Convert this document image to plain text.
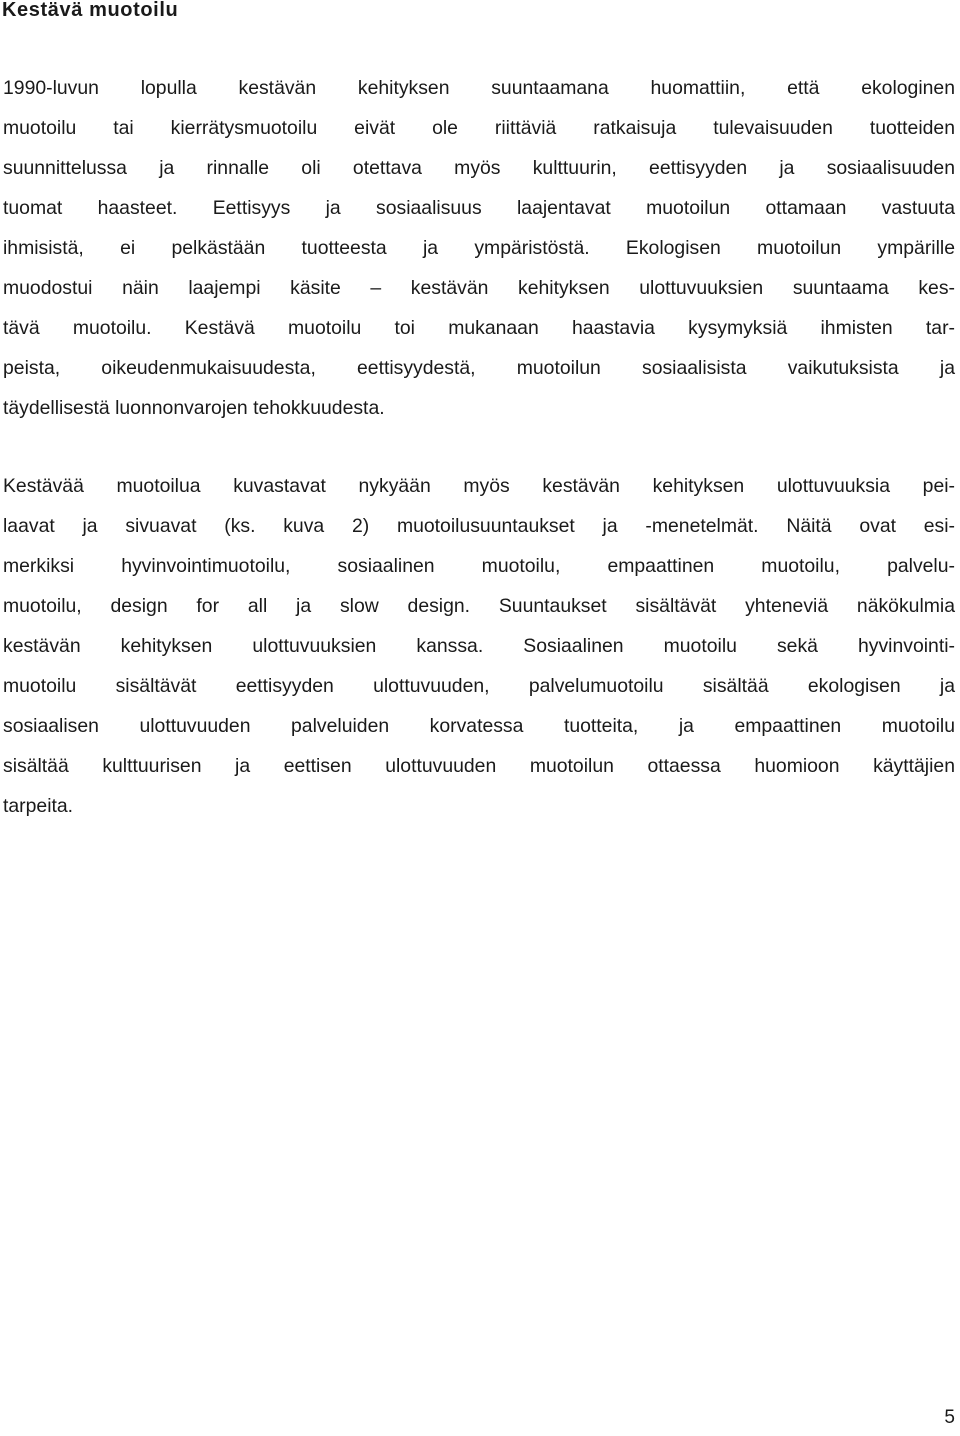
Kestävä muotoilu
1990-luvun lopulla kestävän kehityksen suuntaamana huomattiin, että ekologinen
muotoilu tai kierrätysmuotoilu eivät ole riittäviä ratkaisuja tulevaisuuden tuotteiden
suunnittelussa ja rinnalle oli otettava myös kulttuurin, eettisyyden ja sosiaalisuuden
tuomat haasteet. Eettisyys ja sosiaalisuus laajentavat muotoilun ottamaan vastuuta
ihmisistä, ei pelkästään tuotteesta ja ympäristöstä. Ekologisen muotoilun ympärille
muodostui näin laajempi käsite – kestävän kehityksen ulottuvuuksien suuntaama kes-
tävä muotoilu. Kestävä muotoilu toi mukanaan haastavia kysymyksiä ihmisten tar-
peista, oikeudenmukaisuudesta, eettisyydestä, muotoilun sosiaalisista vaikutuksista ja
täydellisestä luonnonvarojen tehokkuudesta.
Kestävää muotoilua kuvastavat nykyään myös kestävän kehityksen ulottuvuuksia pei-
laavat ja sivuavat (ks. kuva 2) muotoilusuuntaukset ja -menetelmät. Näitä ovat esi-
merkiksi hyvinvointimuotoilu, sosiaalinen muotoilu, empaattinen muotoilu, palvelu-
muotoilu, design for all ja slow design. Suuntaukset sisältävät yhteneviä näkökulmia
kestävän kehityksen ulottuvuuksien kanssa. Sosiaalinen muotoilu sekä hyvinvointi-
muotoilu sisältävät eettisyyden ulottuvuuden, palvelumuotoilu sisältää ekologisen ja
sosiaalisen ulottuvuuden palveluiden korvatessa tuotteita, ja empaattinen muotoilu
sisältää kulttuurisen ja eettisen ulottuvuuden muotoilun ottaessa huomioon käyttäjien
tarpeita.
5
